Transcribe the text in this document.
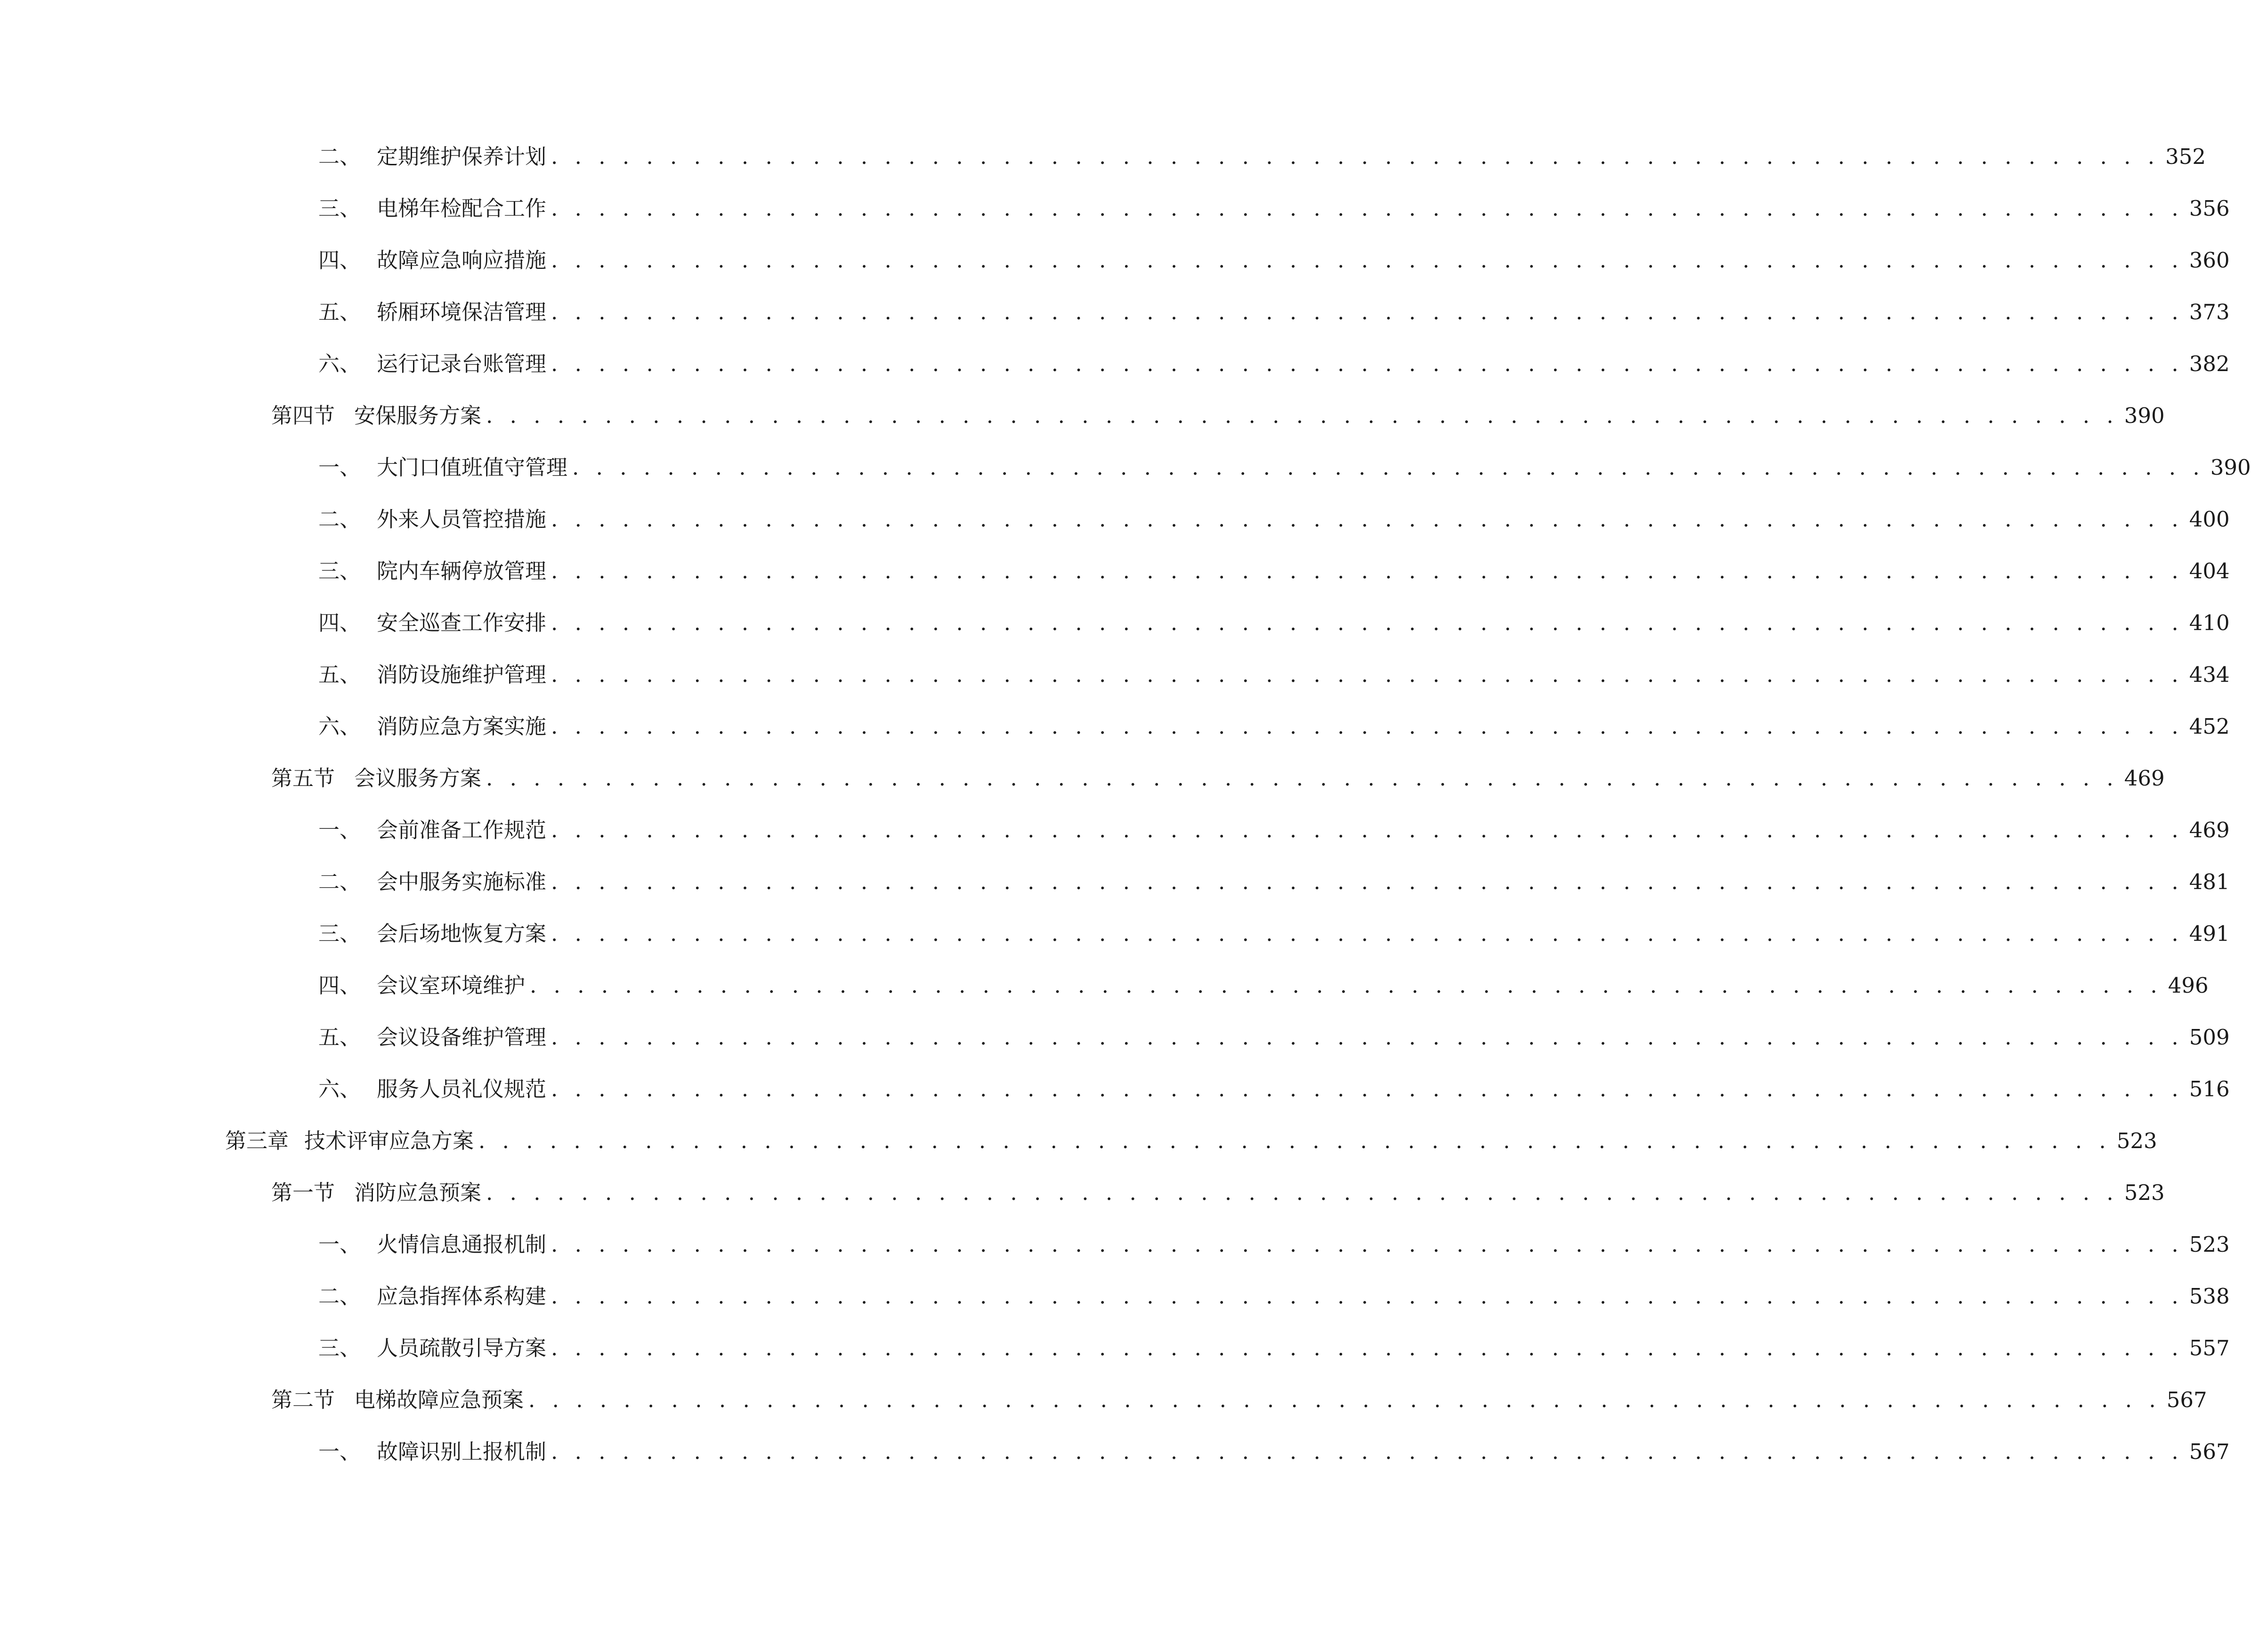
二、 定期维护保养计划 . . . . . . . . . . . . . . . . . . . . . . . . . . . . . . . . . . . . . . . . . . . . . . . . . . . . . . . . . . . . . . . . . . . . 352
三、 电梯年检配合工作 . . . . . . . . . . . . . . . . . . . . . . . . . . . . . . . . . . . . . . . . . . . . . . . . . . . . . . . . . . . . . . . . . . . . . 356
四、 故障应急响应措施 . . . . . . . . . . . . . . . . . . . . . . . . . . . . . . . . . . . . . . . . . . . . . . . . . . . . . . . . . . . . . . . . . . . . . 360
五、 轿厢环境保洁管理 . . . . . . . . . . . . . . . . . . . . . . . . . . . . . . . . . . . . . . . . . . . . . . . . . . . . . . . . . . . . . . . . . . . . . 373
六、 运行记录台账管理 . . . . . . . . . . . . . . . . . . . . . . . . . . . . . . . . . . . . . . . . . . . . . . . . . . . . . . . . . . . . . . . . . . . . . 382
第四节 安保服务方案 . . . . . . . . . . . . . . . . . . . . . . . . . . . . . . . . . . . . . . . . . . . . . . . . . . . . . . . . . . . . . . . . . . . . . 390
一、 大门口值班值守管理 . . . . . . . . . . . . . . . . . . . . . . . . . . . . . . . . . . . . . . . . . . . . . . . . . . . . . . . . . . . . . . . . . . . . . 390
二、 外来人员管控措施 . . . . . . . . . . . . . . . . . . . . . . . . . . . . . . . . . . . . . . . . . . . . . . . . . . . . . . . . . . . . . . . . . . . . . 400
三、 院内车辆停放管理 . . . . . . . . . . . . . . . . . . . . . . . . . . . . . . . . . . . . . . . . . . . . . . . . . . . . . . . . . . . . . . . . . . . . . 404
四、 安全巡查工作安排 . . . . . . . . . . . . . . . . . . . . . . . . . . . . . . . . . . . . . . . . . . . . . . . . . . . . . . . . . . . . . . . . . . . . . 410
五、 消防设施维护管理 . . . . . . . . . . . . . . . . . . . . . . . . . . . . . . . . . . . . . . . . . . . . . . . . . . . . . . . . . . . . . . . . . . . . . 434
六、 消防应急方案实施 . . . . . . . . . . . . . . . . . . . . . . . . . . . . . . . . . . . . . . . . . . . . . . . . . . . . . . . . . . . . . . . . . . . . . 452
第五节 会议服务方案 . . . . . . . . . . . . . . . . . . . . . . . . . . . . . . . . . . . . . . . . . . . . . . . . . . . . . . . . . . . . . . . . . . . . . 469
一、 会前准备工作规范 . . . . . . . . . . . . . . . . . . . . . . . . . . . . . . . . . . . . . . . . . . . . . . . . . . . . . . . . . . . . . . . . . . . . . 469
二、 会中服务实施标准 . . . . . . . . . . . . . . . . . . . . . . . . . . . . . . . . . . . . . . . . . . . . . . . . . . . . . . . . . . . . . . . . . . . . . 481
三、 会后场地恢复方案 . . . . . . . . . . . . . . . . . . . . . . . . . . . . . . . . . . . . . . . . . . . . . . . . . . . . . . . . . . . . . . . . . . . . . 491
四、 会议室环境维护 . . . . . . . . . . . . . . . . . . . . . . . . . . . . . . . . . . . . . . . . . . . . . . . . . . . . . . . . . . . . . . . . . . . . . 496
五、 会议设备维护管理 . . . . . . . . . . . . . . . . . . . . . . . . . . . . . . . . . . . . . . . . . . . . . . . . . . . . . . . . . . . . . . . . . . . . . 509
六、 服务人员礼仪规范 . . . . . . . . . . . . . . . . . . . . . . . . . . . . . . . . . . . . . . . . . . . . . . . . . . . . . . . . . . . . . . . . . . . . . 516
第三章 技术评审应急方案 . . . . . . . . . . . . . . . . . . . . . . . . . . . . . . . . . . . . . . . . . . . . . . . . . . . . . . . . . . . . . . . . . . . . . 523
第一节 消防应急预案 . . . . . . . . . . . . . . . . . . . . . . . . . . . . . . . . . . . . . . . . . . . . . . . . . . . . . . . . . . . . . . . . . . . . . 523
一、 火情信息通报机制 . . . . . . . . . . . . . . . . . . . . . . . . . . . . . . . . . . . . . . . . . . . . . . . . . . . . . . . . . . . . . . . . . . . . . 523
二、 应急指挥体系构建 . . . . . . . . . . . . . . . . . . . . . . . . . . . . . . . . . . . . . . . . . . . . . . . . . . . . . . . . . . . . . . . . . . . . . 538
三、 人员疏散引导方案 . . . . . . . . . . . . . . . . . . . . . . . . . . . . . . . . . . . . . . . . . . . . . . . . . . . . . . . . . . . . . . . . . . . . . 557
第二节 电梯故障应急预案 . . . . . . . . . . . . . . . . . . . . . . . . . . . . . . . . . . . . . . . . . . . . . . . . . . . . . . . . . . . . . . . . . . . . . 567
一、 故障识别上报机制 . . . . . . . . . . . . . . . . . . . . . . . . . . . . . . . . . . . . . . . . . . . . . . . . . . . . . . . . . . . . . . . . . . . . . 567
